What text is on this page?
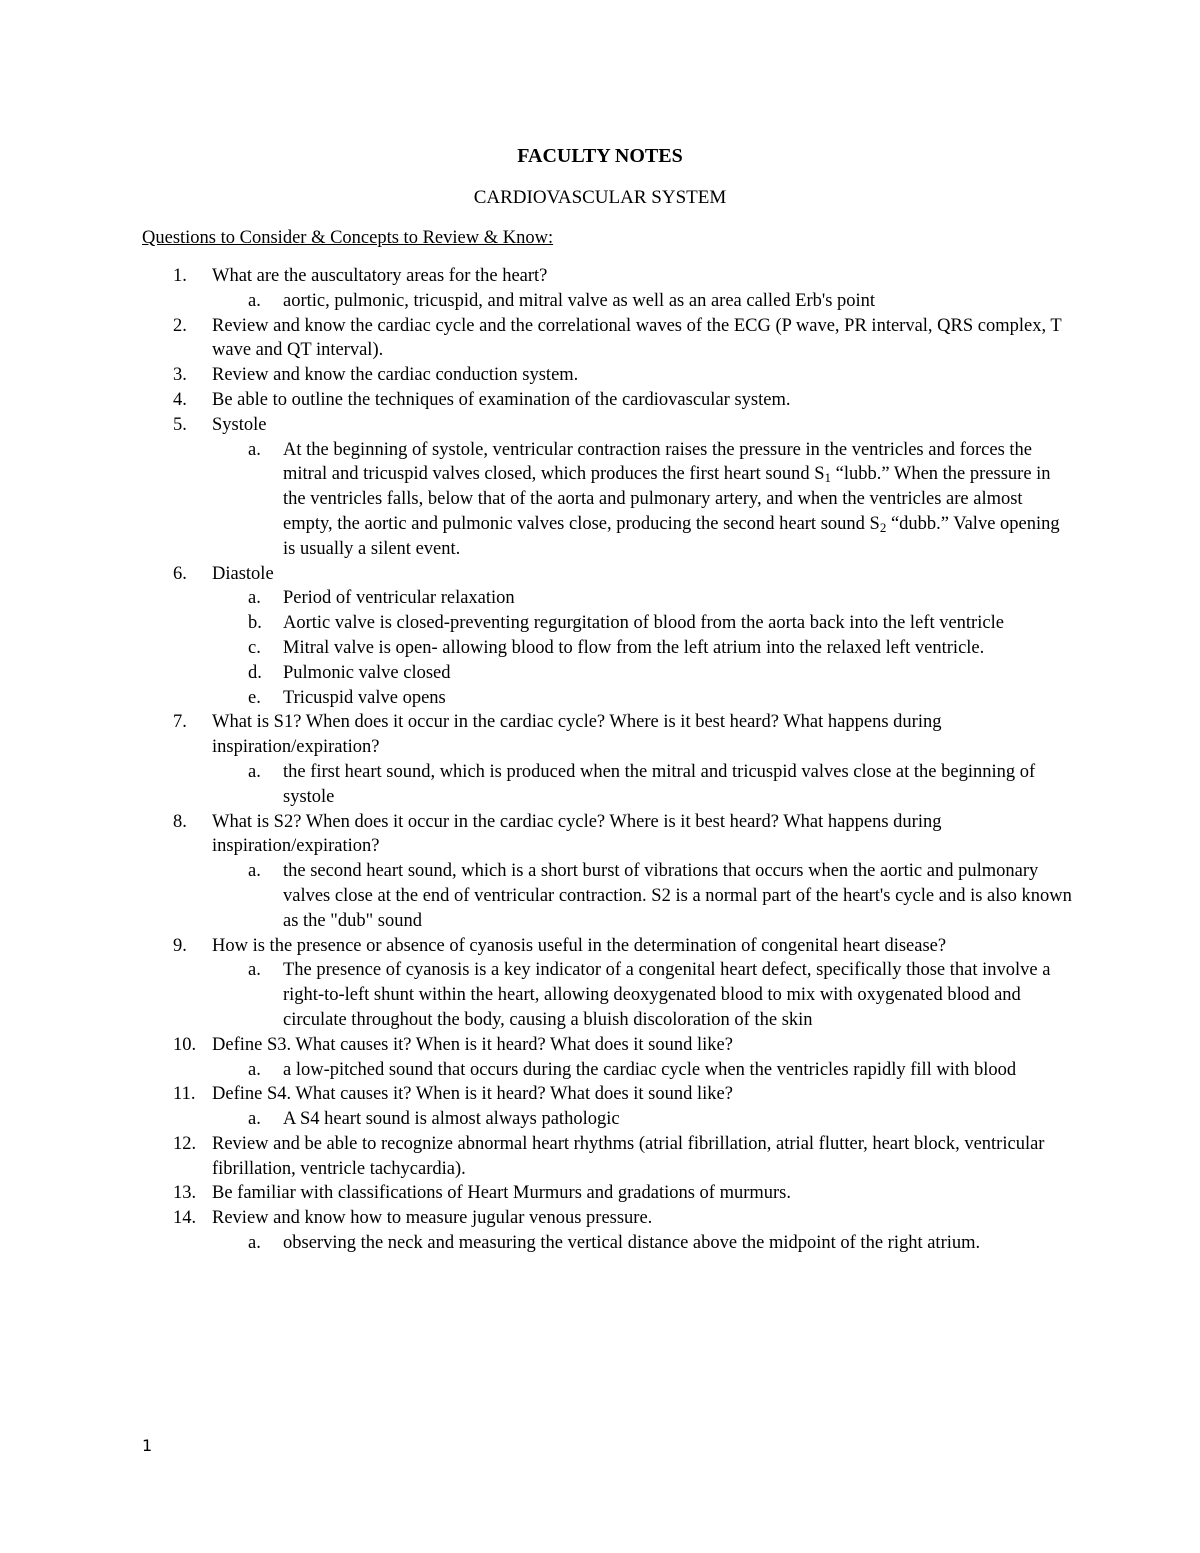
FACULTY NOTES
CARDIOVASCULAR SYSTEM
Questions to Consider & Concepts to Review & Know:
1. What are the auscultatory areas for the heart?
a. aortic, pulmonic, tricuspid, and mitral valve as well as an area called Erb's point
2. Review and know the cardiac cycle and the correlational waves of the ECG (P wave, PR interval, QRS complex, T wave and QT interval).
3. Review and know the cardiac conduction system.
4. Be able to outline the techniques of examination of the cardiovascular system.
5. Systole
a. At the beginning of systole, ventricular contraction raises the pressure in the ventricles and forces the mitral and tricuspid valves closed, which produces the first heart sound $S_1$ “lubb.” When the pressure in the ventricles falls, below that of the aorta and pulmonary artery, and when the ventricles are almost empty, the aortic and pulmonic valves close, producing the second heart sound $S_2$ “dubb.” Valve opening is usually a silent event.
6. Diastole
a. Period of ventricular relaxation
b. Aortic valve is closed-preventing regurgitation of blood from the aorta back into the left ventricle
c. Mitral valve is open- allowing blood to flow from the left atrium into the relaxed left ventricle.
d. Pulmonic valve closed
e. Tricuspid valve opens
7. What is S1? When does it occur in the cardiac cycle? Where is it best heard? What happens during inspiration/expiration?
a. the first heart sound, which is produced when the mitral and tricuspid valves close at the beginning of systole
8. What is S2? When does it occur in the cardiac cycle? Where is it best heard? What happens during inspiration/expiration?
a. the second heart sound, which is a short burst of vibrations that occurs when the aortic and pulmonary valves close at the end of ventricular contraction. S2 is a normal part of the heart's cycle and is also known as the "dub" sound
9. How is the presence or absence of cyanosis useful in the determination of congenital heart disease?
a. The presence of cyanosis is a key indicator of a congenital heart defect, specifically those that involve a right-to-left shunt within the heart, allowing deoxygenated blood to mix with oxygenated blood and circulate throughout the body, causing a bluish discoloration of the skin
10. Define S3. What causes it? When is it heard? What does it sound like?
a. a low-pitched sound that occurs during the cardiac cycle when the ventricles rapidly fill with blood
11. Define S4. What causes it? When is it heard? What does it sound like?
a. A S4 heart sound is almost always pathologic
12. Review and be able to recognize abnormal heart rhythms (atrial fibrillation, atrial flutter, heart block, ventricular fibrillation, ventricle tachycardia).
13. Be familiar with classifications of Heart Murmurs and gradations of murmurs.
14. Review and know how to measure jugular venous pressure.
a. observing the neck and measuring the vertical distance above the midpoint of the right atrium.
1
